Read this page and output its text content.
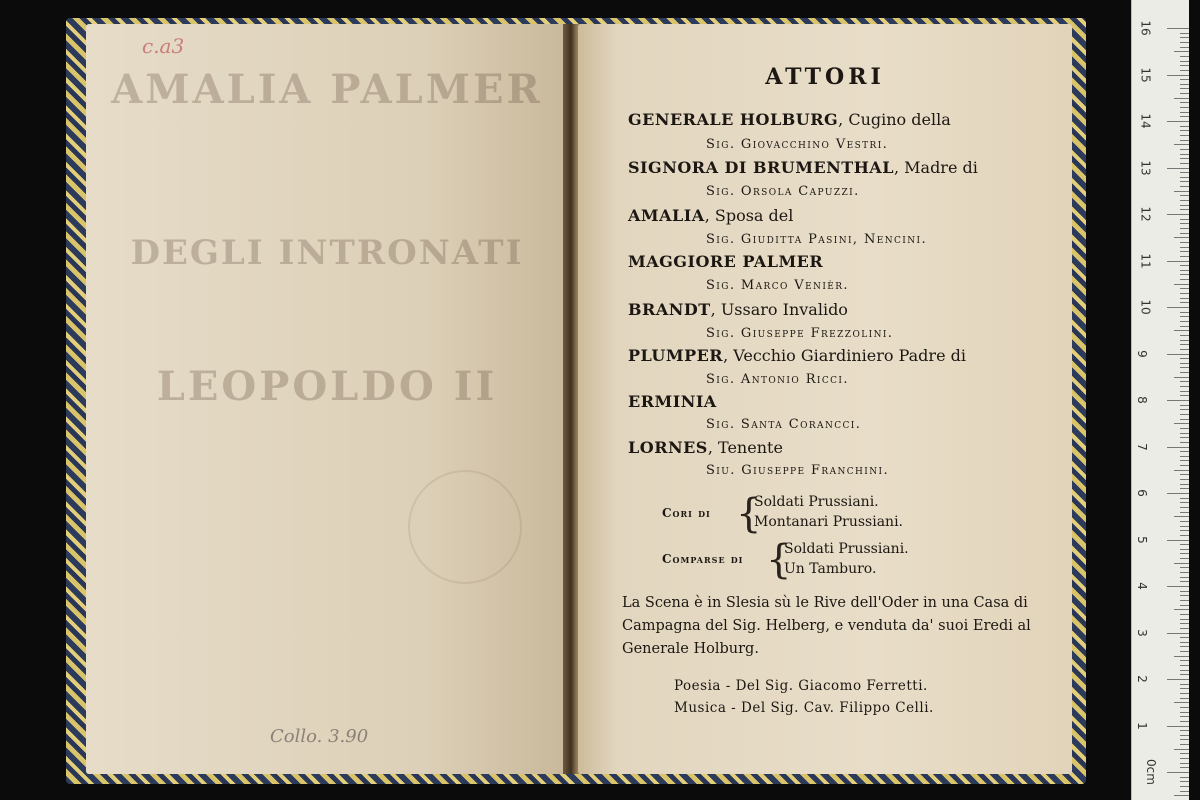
AMALIA PALMER
DEGLI INTRONATI
LEOPOLDO II
c.a3
Collo. 3.90
ATTORI
GENERALE HOLBURG, Cugino della
Sig. Giovacchino Vestri.
SIGNORA DI BRUMENTHAL, Madre di
Sig. Orsola Capuzzi.
AMALIA, Sposa del
Sig. Giuditta Pasini, Nencini.
MAGGIORE PALMER
Sig. Marco Venièr.
BRANDT, Ussaro Invalido
Sig. Giuseppe Frezzolini.
PLUMPER, Vecchio Giardiniero Padre di
Sig. Antonio Ricci.
ERMINIA
Sig. Santa Corancci.
LORNES, Tenente
Siu. Giuseppe Franchini.
Cori di {
Soldati Prussiani.
Montanari Prussiani.
Comparse di {
Soldati Prussiani.
Un Tamburo.
La Scena è in Slesia sù le Rive dell'Oder in una Casa di Campagna del Sig. Helberg, e venduta da' suoi Eredi al Generale Holburg.
Poesia - Del Sig. Giacomo Ferretti.
Musica - Del Sig. Cav. Filippo Celli.
16
15
14
13
12
11
10
9
8
7
6
5
4
3
2
1
0cm
